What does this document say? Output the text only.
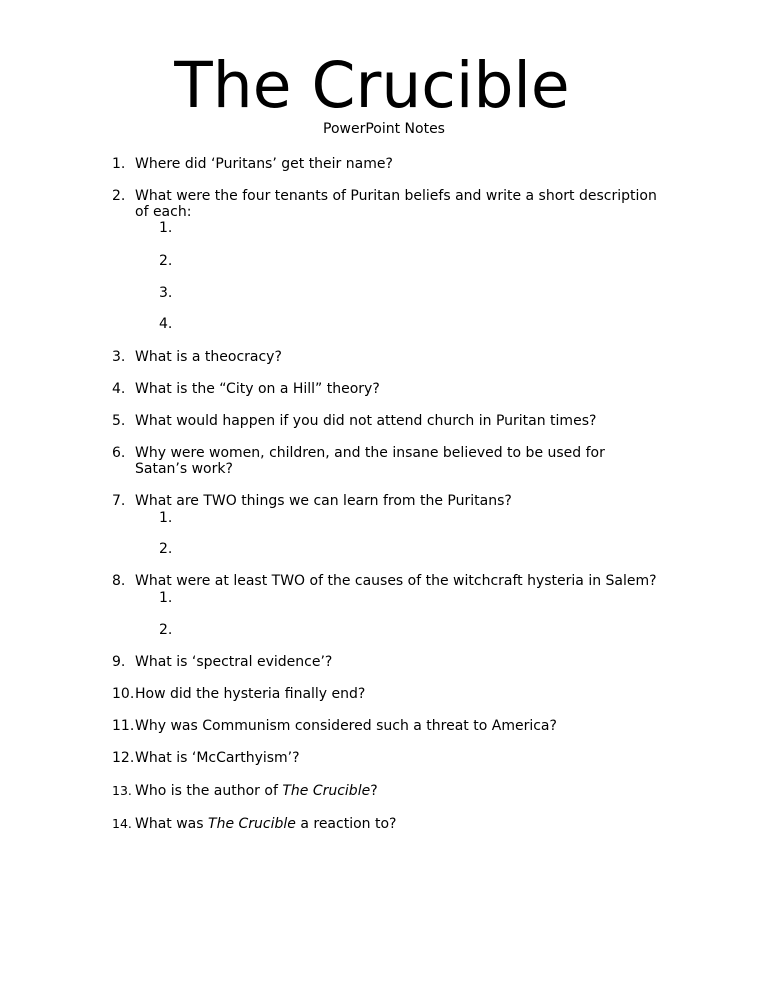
The Crucible
PowerPoint Notes
1. Where did ‘Puritans’ get their name?
2. What were the four tenants of Puritan beliefs and write a short description of each:
1.
2.
3.
4.
3. What is a theocracy?
4. What is the “City on a Hill” theory?
5. What would happen if you did not attend church in Puritan times?
6. Why were women, children, and the insane believed to be used for Satan’s work?
7. What are TWO things we can learn from the Puritans?
1.
2.
8. What were at least TWO of the causes of the witchcraft hysteria in Salem?
1.
2.
9. What is ‘spectral evidence’?
10. How did the hysteria finally end?
11. Why was Communism considered such a threat to America?
12. What is ‘McCarthyism’?
13. Who is the author of The Crucible?
14. What was The Crucible a reaction to?
